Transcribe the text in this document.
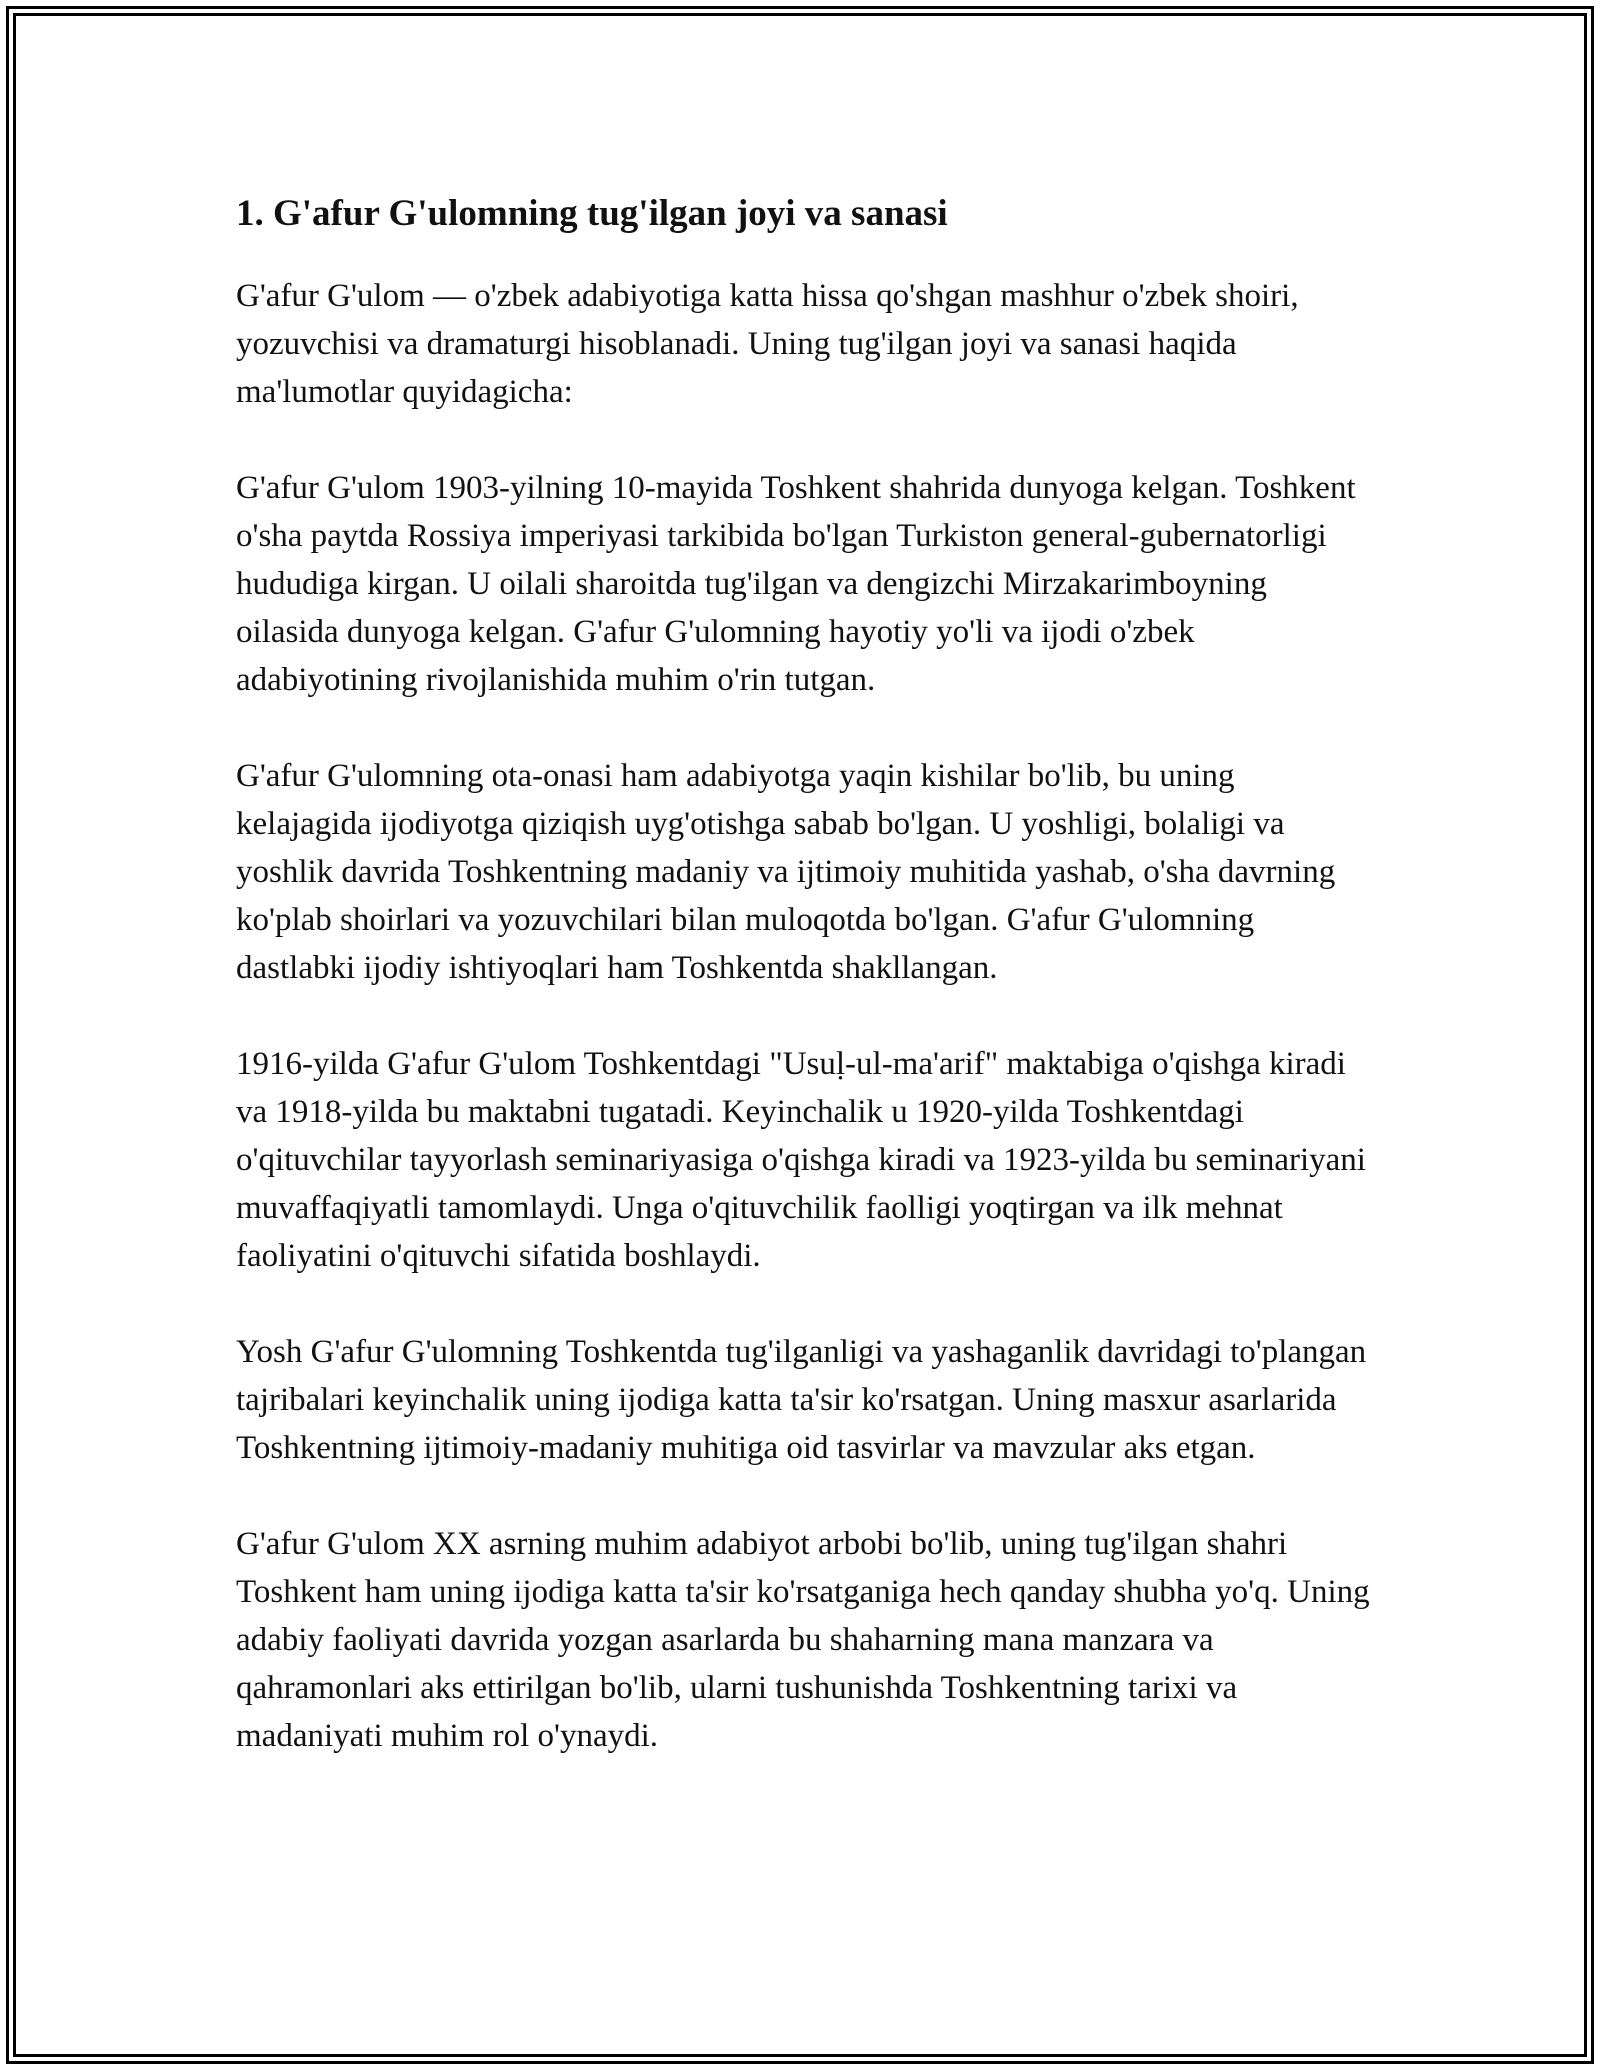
1. G'afur G'ulomning tug'ilgan joyi va sanasi

G'afur G'ulom — o'zbek adabiyotiga katta hissa qo'shgan mashhur o'zbek shoiri, yozuvchisi va dramaturgi hisoblanadi. Uning tug'ilgan joyi va sanasi haqida ma'lumotlar quyidagicha:

G'afur G'ulom 1903-yilning 10-mayida Toshkent shahrida dunyoga kelgan. Toshkent o'sha paytda Rossiya imperiyasi tarkibida bo'lgan Turkiston general-gubernatorligi hududiga kirgan. U oilali sharoitda tug'ilgan va dengizchi Mirzakarimboyning oilasida dunyoga kelgan. G'afur G'ulomning hayotiy yo'li va ijodi o'zbek adabiyotining rivojlanishida muhim o'rin tutgan.

G'afur G'ulomning ota-onasi ham adabiyotga yaqin kishilar bo'lib, bu uning kelajagida ijodiyotga qiziqish uyg'otishga sabab bo'lgan. U yoshligi, bolaligi va yoshlik davrida Toshkentning madaniy va ijtimoiy muhitida yashab, o'sha davrning ko'plab shoirlari va yozuvchilari bilan muloqotda bo'lgan. G'afur G'ulomning dastlabki ijodiy ishtiyoqlari ham Toshkentda shakllangan.

1916-yilda G'afur G'ulom Toshkentdagi "Usuḷ-ul-ma'arif" maktabiga o'qishga kiradi va 1918-yilda bu maktabni tugatadi. Keyinchalik u 1920-yilda Toshkentdagi o'qituvchilar tayyorlash seminariyasiga o'qishga kiradi va 1923-yilda bu seminariyani muvaffaqiyatli tamomlaydi. Unga o'qituvchilik faolligi yoqtirgan va ilk mehnat faoliyatini o'qituvchi sifatida boshlaydi.

Yosh G'afur G'ulomning Toshkentda tug'ilganligi va yashaganlik davridagi to'plangan tajribalari keyinchalik uning ijodiga katta ta'sir ko'rsatgan. Uning masxur asarlarida Toshkentning ijtimoiy-madaniy muhitiga oid tasvirlar va mavzular aks etgan.

G'afur G'ulom XX asrning muhim adabiyot arbobi bo'lib, uning tug'ilgan shahri Toshkent ham uning ijodiga katta ta'sir ko'rsatganiga hech qanday shubha yo'q. Uning adabiy faoliyati davrida yozgan asarlarda bu shaharning mana manzara va qahramonlari aks ettirilgan bo'lib, ularni tushunishda Toshkentning tarixi va madaniyati muhim rol o'ynaydi.
